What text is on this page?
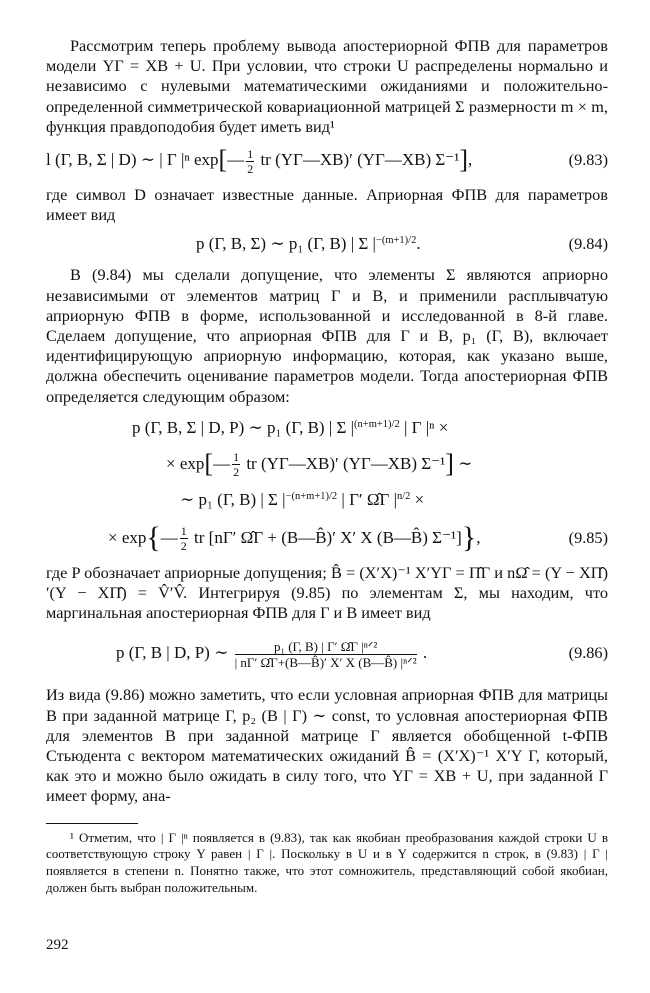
Рассмотрим теперь проблему вывода апостериорной ФПВ для параметров модели YΓ = XB + U. При условии, что строки U распределены нормально и независимо с нулевыми математическими ожиданиями и положительно-определенной симметрической ковариационной матрицей Σ размерности m × m, функция правдоподобия будет иметь вид¹

l (Γ, B, Σ | D) ∼ | Γ |ⁿ exp[— $\frac{1}{2}$ tr (YΓ—XB)′ (YΓ—XB) Σ⁻¹],	(9.83)

где символ D означает известные данные. Априорная ФПВ для параметров имеет вид

p (Γ, B, Σ) ∼ p₁ (Γ, B) | Σ $|^{-(m+1)/2}$.	(9.84)

В (9.84) мы сделали допущение, что элементы Σ являются априорно независимыми от элементов матриц Γ и B, и применили расплывчатую априорную ФПВ в форме, использованной и исследованной в 8-й главе. Сделаем допущение, что априорная ФПВ для Γ и B, p₁ (Γ, B), включает идентифицирующую априорную информацию, которая, как указано выше, должна обеспечить оценивание параметров модели. Тогда апостериорная ФПВ определяется следующим образом:

p (Γ, B, Σ | D, P) ∼ p₁ (Γ, B) | Σ $|^{(n+m+1)/2}$ | Γ |ⁿ ×
× exp[— $\frac{1}{2}$ tr (YΓ—XB)′ (YΓ—XB) Σ⁻¹] ∼
∼ p₁ (Γ, B) | Σ $|^{-(n+m+1)/2}$ | Γ′ Ω̂Γ $|^{n/2}$ ×
× exp{— $\frac{1}{2}$ tr [nΓ′ Ω̂Γ + (B—B̂)′ X′ X (B—B̂) Σ⁻¹]},	(9.85)

где P обозначает априорные допущения; B̂ = (X′X)⁻¹ X′YΓ = Π̂Γ и nΩ̂ = (Y − XΠ̂)′(Y − XΠ̂) = V̂′V̂. Интегрируя (9.85) по элементам Σ, мы находим, что маргинальная апостериорная ФПВ для Γ и B имеет вид

p (Γ, B | D, P) ∼ $\frac{\text{p₁ (Γ, B) | Γ′ Ω̂Γ |ⁿᐟ²}}{\text{| nΓ′ Ω̂Γ+(B—B̂)′ X′ X (B—B̂) |ⁿᐟ²}}$ .	(9.86)

Из вида (9.86) можно заметить, что если условная априорная ФПВ для матрицы B при заданной матрице Γ, p₂ (B | Γ) ∼ const, то условная апостериорная ФПВ для элементов B при заданной матрице Γ является обобщенной t-ФПВ Стьюдента с вектором математических ожиданий B̂ = (X′X)⁻¹ X′Y Γ, который, как это и можно было ожидать в силу того, что YΓ = XB + U, при заданной Γ имеет форму, ана-

¹ Отметим, что | Γ |ⁿ появляется в (9.83), так как якобиан преобразования каждой строки U в соответствующую строку Y равен | Γ |. Поскольку в U и в Y содержится n строк, в (9.83) | Γ | появляется в степени n. Понятно также, что этот сомножитель, представляющий собой якобиан, должен быть выбран положительным.

292
